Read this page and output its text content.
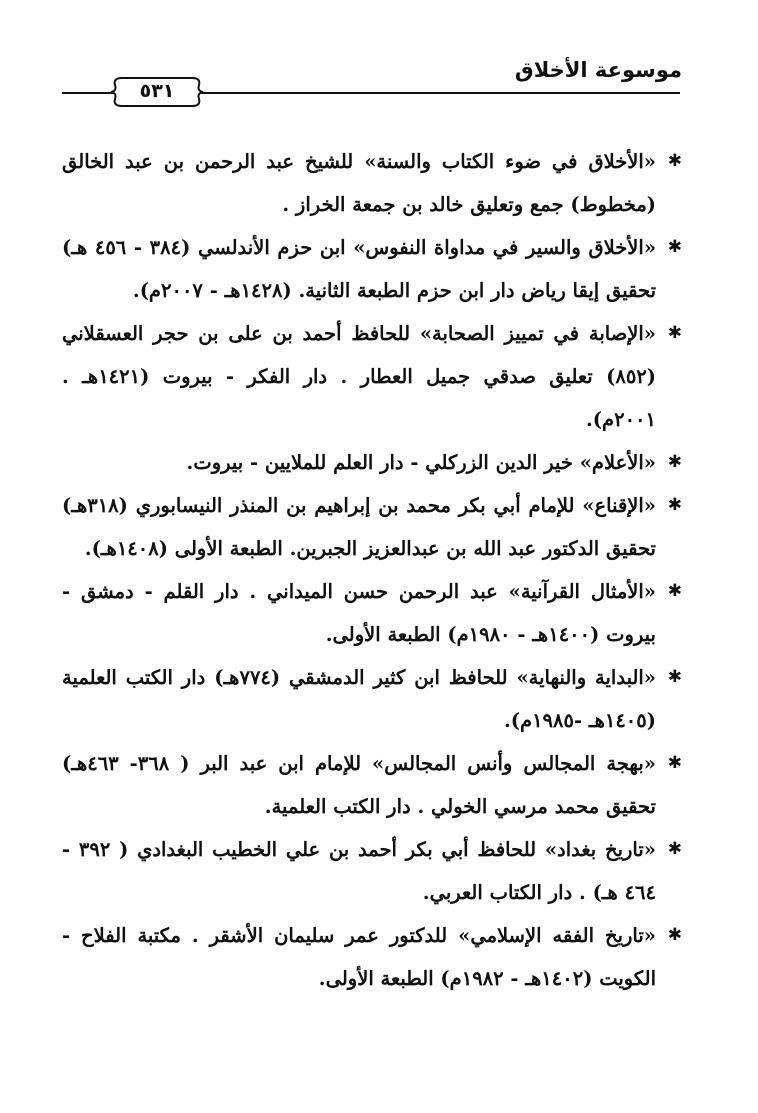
موسوعة الأخلاق
٥٣١

✱
«الأخلاق في ضوء الكتاب والسنة» للشيخ عبد الرحمن بن عبد الخالق (مخطوط) جمع وتعليق خالد بن جمعة الخراز .

✱
«الأخلاق والسير في مداواة النفوس» ابن حزم الأندلسي (٣٨٤ - ٤٥٦ هـ) تحقيق إيقا رياض دار ابن حزم الطبعة الثانية. (١٤٢٨هـ - ٢٠٠٧م).

✱
«الإصابة في تمييز الصحابة» للحافظ أحمد بن على بن حجر العسقلاني (٨٥٢) تعليق صدقي جميل العطار . دار الفكر - بيروت (١٤٢١هـ . ٢٠٠١م).

✱
«الأعلام» خير الدين الزركلي - دار العلم للملايين - بيروت.

✱
«الإقناع» للإمام أبي بكر محمد بن إبراهيم بن المنذر النيسابوري (٣١٨هـ) تحقيق الدكتور عبد الله بن عبدالعزيز الجبرين. الطبعة الأولى (١٤٠٨هـ).

✱
«الأمثال القرآنية» عبد الرحمن حسن الميداني . دار القلم - دمشق - بيروت (١٤٠٠هـ - ١٩٨٠م) الطبعة الأولى.

✱
«البداية والنهاية» للحافظ ابن كثير الدمشقي (٧٧٤هـ) دار الكتب العلمية (١٤٠٥هـ -١٩٨٥م).

✱
«بهجة المجالس وأنس المجالس» للإمام ابن عبد البر ( ٣٦٨- ٤٦٣هـ) تحقيق محمد مرسي الخولي . دار الكتب العلمية.

✱
«تاريخ بغداد» للحافظ أبي بكر أحمد بن علي الخطيب البغدادي ( ٣٩٢ - ٤٦٤ هـ) . دار الكتاب العربي.

✱
«تاريخ الفقه الإسلامي» للدكتور عمر سليمان الأشقر . مكتبة الفلاح - الكويت (١٤٠٢هـ - ١٩٨٢م) الطبعة الأولى.
